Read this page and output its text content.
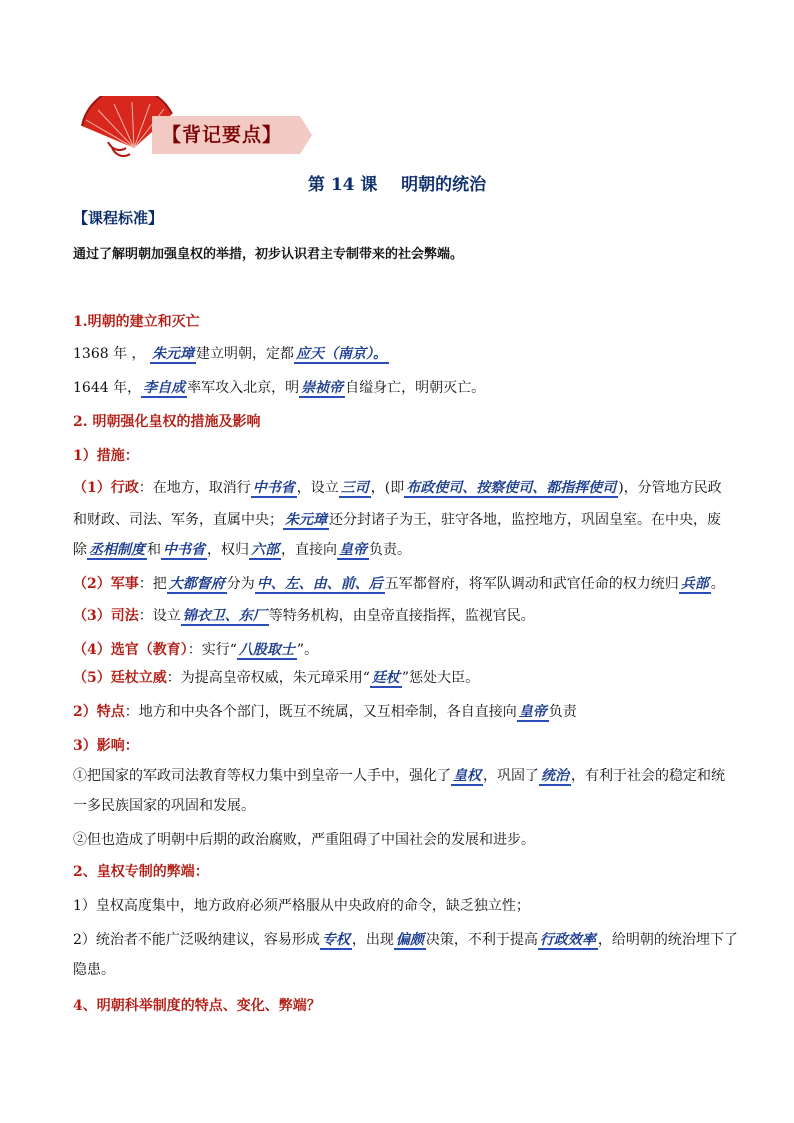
【背记要点】
第 14 课    明朝的统治
【课程标准】
通过了解明朝加强皇权的举措，初步认识君主专制带来的社会弊端。
1.明朝的建立和灭亡
1368 年 ， 朱元璋 建立明朝，定都 应天（南京）。
1644 年， 李自成 率军攻入北京，明 崇祯帝 自缢身亡，明朝灭亡。
2. 明朝强化皇权的措施及影响
1）措施：
（1）行政：在地方，取消行 中书省 ，设立 三司 ，(即 布政使司、按察使司、都指挥使司 )，分管地方民政
和财政、司法、军务，直属中央； 朱元璋 还分封诸子为王，驻守各地，监控地方，巩固皇室。在中央，废
除 丞相制度 和 中书省 ，权归 六部 ，直接向 皇帝 负责。
（2）军事：把 大都督府 分为 中、左、由、前、后 五军都督府，将军队调动和武官任命的权力统归 兵部 。
（3）司法：设立 锦衣卫、东厂 等特务机构，由皇帝直接指挥，监视官民。
（4）选官（教育）：实行“ 八股取士 ”。
（5）廷杖立威：为提高皇帝权威，朱元璋采用“ 廷杖 ”惩处大臣。
2）特点：地方和中央各个部门，既互不统属，又互相牵制，各自直接向 皇帝 负责
3）影响：
①把国家的军政司法教育等权力集中到皇帝一人手中，强化了 皇权 ，巩固了 统治 ，有利于社会的稳定和统
一多民族国家的巩固和发展。
②但也造成了明朝中后期的政治腐败，严重阻碍了中国社会的发展和进步。
2、皇权专制的弊端：
1）皇权高度集中，地方政府必须严格服从中央政府的命令，缺乏独立性；
2）统治者不能广泛吸纳建议，容易形成 专权 ，出现 偏颇 决策，不利于提高 行政效率 ，给明朝的统治埋下了
隐患。
4、明朝科举制度的特点、变化、弊端？
